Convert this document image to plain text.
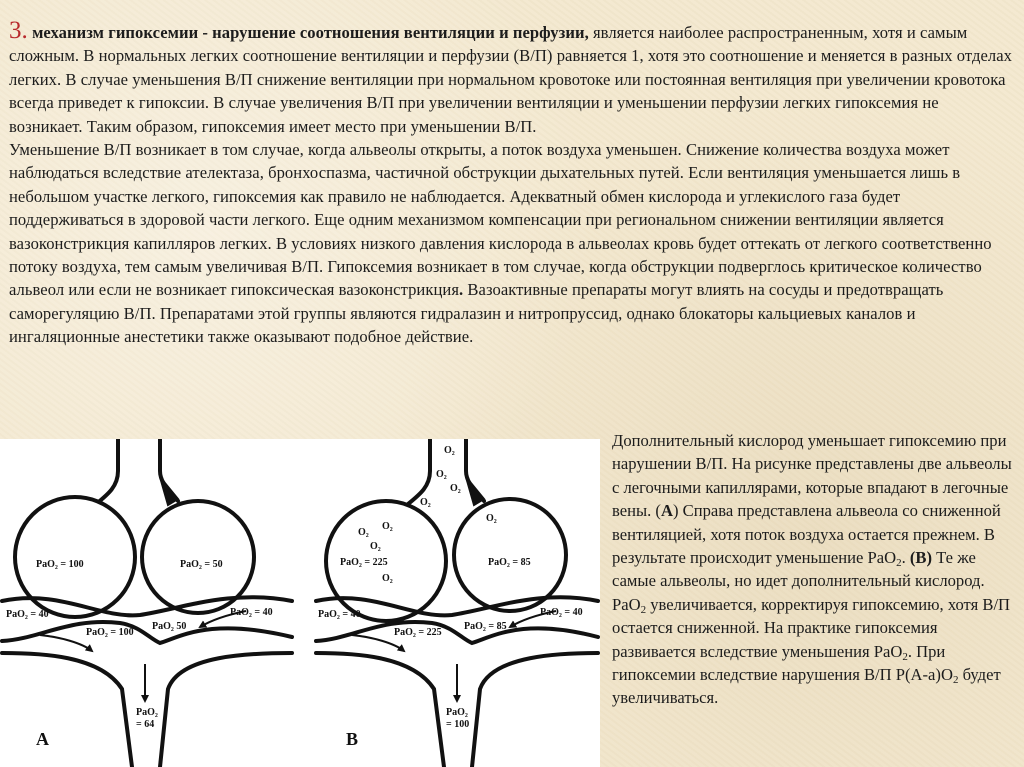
3. механизм гипоксемии - нарушение соотношения вентиляции и перфузии, является наиболее распространенным, хотя и самым сложным. В нормальных легких соотношение вентиляции и перфузии (В/П) равняется 1, хотя это соотношение и меняется в разных отделах легких. В случае уменьшения В/П снижение вентиляции при нормальном кровотоке или постоянная вентиляция при увеличении кровотока всегда приведет к гипоксии. В случае увеличения В/П при увеличении вентиляции и уменьшении перфузии легких гипоксемия не возникает. Таким образом, гипоксемия имеет место при уменьшении В/П.

Уменьшение В/П возникает в том случае, когда альвеолы открыты, а поток воздуха уменьшен. Снижение количества воздуха может наблюдаться вследствие ателектаза, бронхоспазма, частичной обструкции дыхательных путей. Если вентиляция уменьшается лишь в небольшом участке легкого, гипоксемия как правило не наблюдается. Адекватный обмен кислорода и углекислого газа будет поддерживаться в здоровой части легкого. Еще одним механизмом компенсации при региональном снижении вентиляции является вазоконстрикция капилляров легких. В условиях низкого давления кислорода в альвеолах кровь будет оттекать от легкого соответственно потоку воздуха, тем самым увеличивая В/П. Гипоксемия возникает в том случае, когда обструкции подверглось критическое количество альвеол или если не возникает гипоксическая вазоконстрикция. Вазоактивные препараты могут влиять на сосуды и предотвращать саморегуляцию В/П. Препаратами этой группы являются гидралазин и нитропруссид, однако блокаторы кальциевых каналов и ингаляционные анестетики также оказывают подобное действие.

PaO₂ = 100	PaO₂ = 50
PaO₂ = 40	PaO₂ = 40
PaO₂ = 100
PaO₂ 50
PaO₂
= 64
A
O₂
O₂
O₂
O₂
O₂
O₂
O₂
O₂
O₂
PaO₂ = 225	PaO₂ = 85
PaO₂ = 40	PaO₂ = 40
PaO₂ = 225
PaO₂ = 85
PaO₂
= 100
B

Дополнительный кислород уменьшает гипоксемию при нарушении В/П. На рисунке представлены две альвеолы с легочными капиллярами, которые впадают в легочные вены. (А) Справа представлена альвеола со сниженной вентиляцией, хотя поток воздуха остается прежнем. В результате происходит уменьшение PaO$_2$. (В) Те же самые альвеолы, но идет дополнительный кислород.

PaO$_2$ увеличивается, корректируя гипоксемию, хотя В/П остается сниженной. На практике гипоксемия развивается вследствие уменьшения PaO$_2$. При гипоксемии вследствие нарушения В/П $P(A-a)O_2$ будет увеличиваться.
